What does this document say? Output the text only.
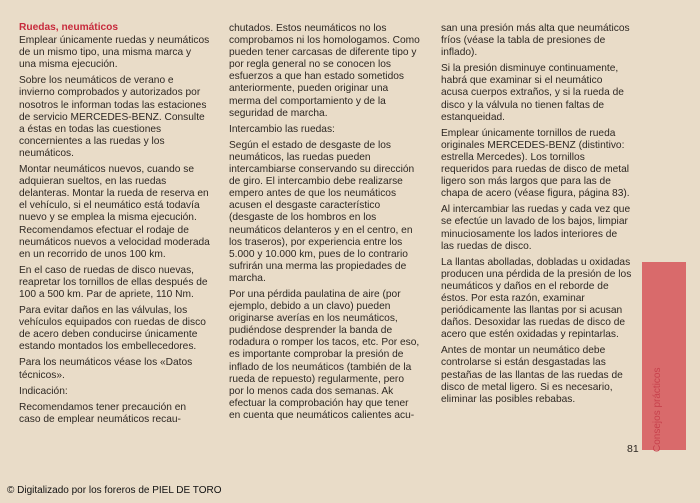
Ruedas, neumáticos

Emplear únicamente ruedas y neumáticos de un mismo tipo, una misma marca y una misma ejecución.

Sobre los neumáticos de verano e invierno comprobados y autorizados por nosotros le informan todas las estaciones de servicio MERCEDES-BENZ. Consulte a éstas en todas las cuestiones concernientes a las ruedas y los neumáticos.

Montar neumáticos nuevos, cuando se adquieran sueltos, en las ruedas delanteras. Montar la rueda de reserva en el vehículo, si el neumático está todavía nuevo y se emplea la misma ejecución. Recomendamos efectuar el rodaje de neumáticos nuevos a velocidad moderada en un recorrido de unos 100 km.

En el caso de ruedas de disco nuevas, reapretar los tornillos de ellas después de 100 a 500 km. Par de apriete, 110 Nm.

Para evitar daños en las válvulas, los vehículos equipados con ruedas de disco de acero deben conducirse únicamente estando montados los embellecedores.

Para los neumáticos véase los «Datos técnicos».

Indicación:

Recomendamos tener precaución en caso de emplear neumáticos recau-

chutados. Estos neumáticos no los comprobamos ni los homologamos. Como pueden tener carcasas de diferente tipo y por regla general no se conocen los esfuerzos a que han estado sometidos anteriormente, pueden originar una merma del comportamiento y de la seguridad de marcha.

Intercambio las ruedas:

Según el estado de desgaste de los neumáticos, las ruedas pueden intercambiarse conservando su dirección de giro. El intercambio debe realizarse empero antes de que los neumáticos acusen el desgaste característico (desgaste de los hombros en los neumáticos delanteros y en el centro, en los traseros), por experiencia entre los 5.000 y 10.000 km, pues de lo contrario sufrirán una merma las propiedades de marcha.

Por una pérdida paulatina de aire (por ejemplo, debido a un clavo) pueden originarse averías en los neumáticos, pudiéndose desprender la banda de rodadura o romper los tacos, etc. Por eso, es importante comprobar la presión de inflado de los neumáticos (también de la rueda de repuesto) regularmente, pero por lo menos cada dos semanas. Ak efectuar la comprobación hay que tener en cuenta que neumáticos calientes acu-

san una presión más alta que neumáticos fríos (véase la tabla de presiones de inflado).

Si la presión disminuye continuamente, habrá que examinar si el neumático acusa cuerpos extraños, y si la rueda de disco y la válvula no tienen faltas de estanqueidad.

Emplear únicamente tornillos de rueda originales MERCEDES-BENZ (distintivo: estrella Mercedes). Los tornillos requeridos para ruedas de disco de metal ligero son más largos que para las de chapa de acero (véase figura, página 83).

Al intercambiar las ruedas y cada vez que se efectúe un lavado de los bajos, limpiar minuciosamente los lados interiores de las ruedas de disco.

La llantas abolladas, dobladas u oxidadas producen una pérdida de la presión de los neumáticos y daños en el reborde de éstos. Por esta razón, examinar periódicamente las llantas por si acusan daños. Desoxidar las ruedas de disco de acero que estén oxidadas y repintarlas.

Antes de montar un neumático debe controlarse si están desgastadas las pestañas de las llantas de las ruedas de disco de metal ligero. Si es necesario, eliminar las posibles rebabas.	Consejos prácticos
81
© Digitalizado por los foreros de PIEL DE TORO
